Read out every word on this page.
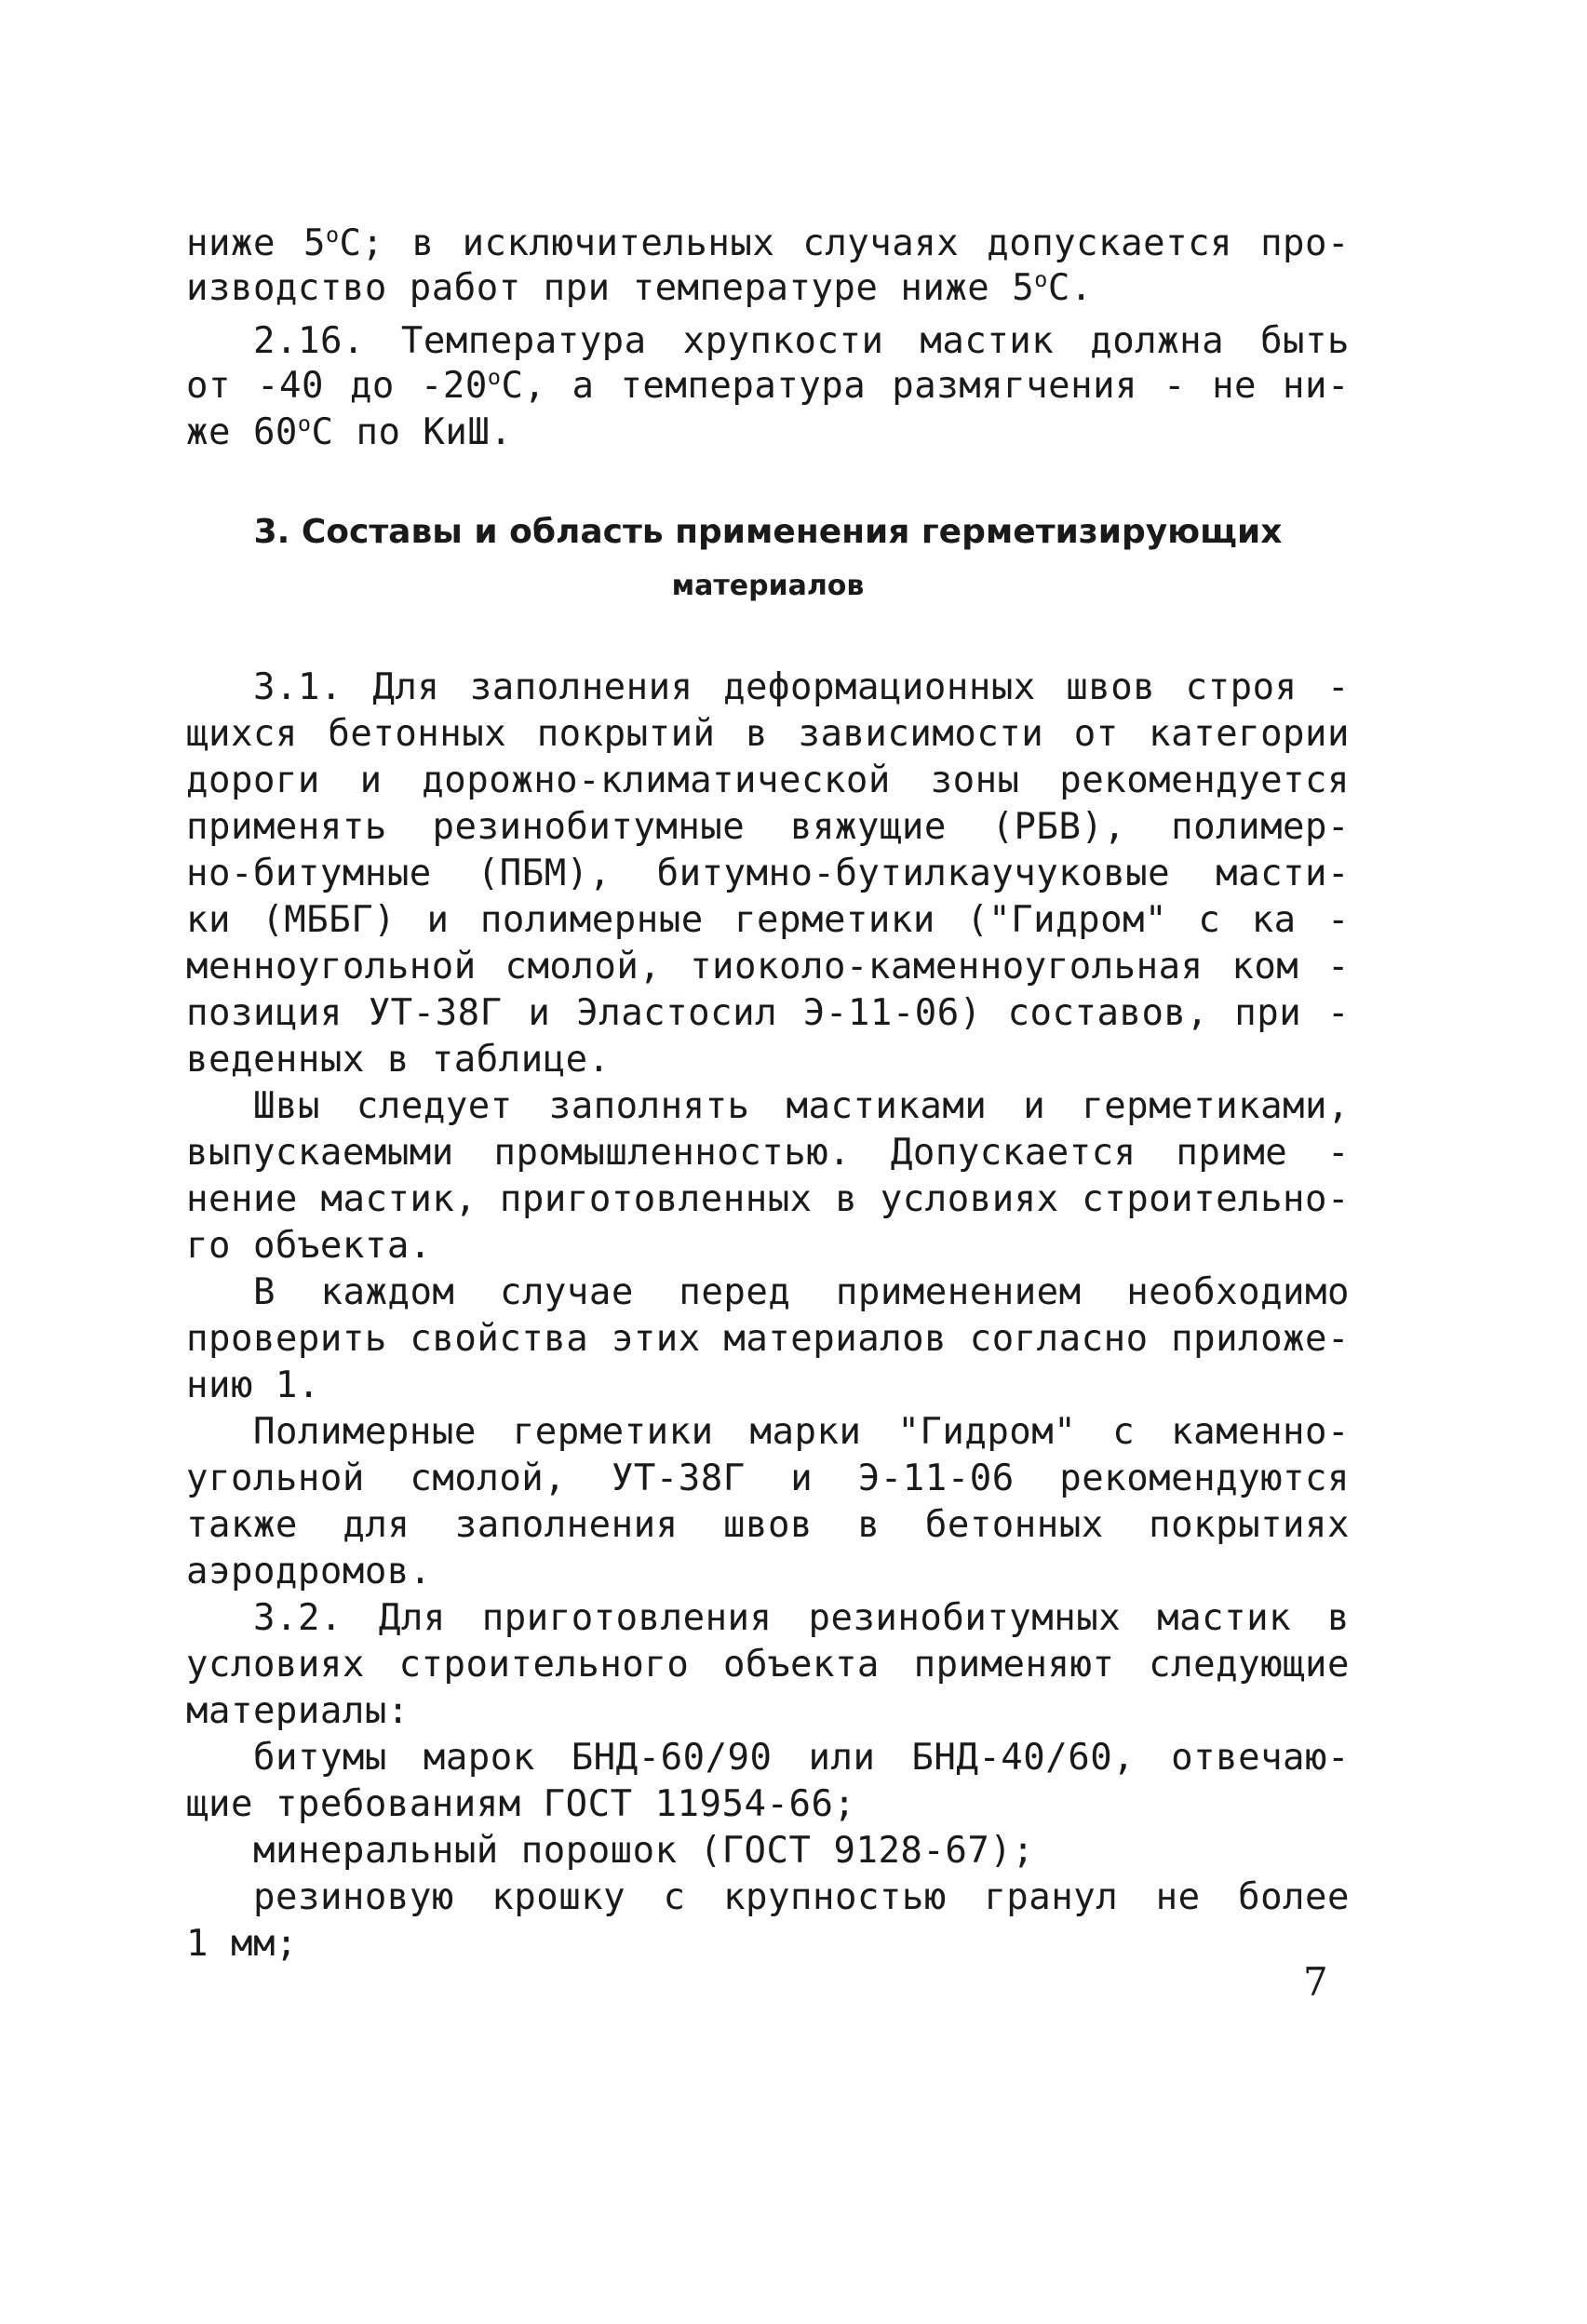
ниже $5^оС$; в исключительных случаях допускается про-
изводство работ при температуре ниже $5^оС$.
2.16. Температура хрупкости мастик должна быть
от -40 до $-20^оС$, а температура размягчения - не ни-
же $60^оС$ по КиШ.
3. Составы и область применения герметизирующих
материалов
3.1. Для заполнения деформационных швов строя -
щихся бетонных покрытий в зависимости от категории
дороги и дорожно-климатической зоны рекомендуется
применять резинобитумные вяжущие (РБВ), полимер-
но-битумные (ПБМ), битумно-бутилкаучуковые масти-
ки (МББГ) и полимерные герметики ("Гидром" с ка -
менноугольной смолой, тиоколо-каменноугольная ком -
позиция УТ-38Г и Эластосил Э-11-06) составов, при -
веденных в таблице.
Швы следует заполнять мастиками и герметиками,
выпускаемыми промышленностью. Допускается приме -
нение мастик, приготовленных в условиях строительно-
го объекта.
В каждом случае перед применением необходимо
проверить свойства этих материалов согласно приложе-
нию 1.
Полимерные герметики марки "Гидром" с каменно-
угольной смолой, УТ-38Г и Э-11-06 рекомендуются
также для заполнения швов в бетонных покрытиях
аэродромов.
3.2. Для приготовления резинобитумных мастик в
условиях строительного объекта применяют следующие
материалы:
битумы марок БНД-60/90 или БНД-40/60, отвечаю-
щие требованиям ГОСТ 11954-66;
минеральный порошок (ГОСТ 9128-67);
резиновую крошку с крупностью гранул не более
1 мм;
7
